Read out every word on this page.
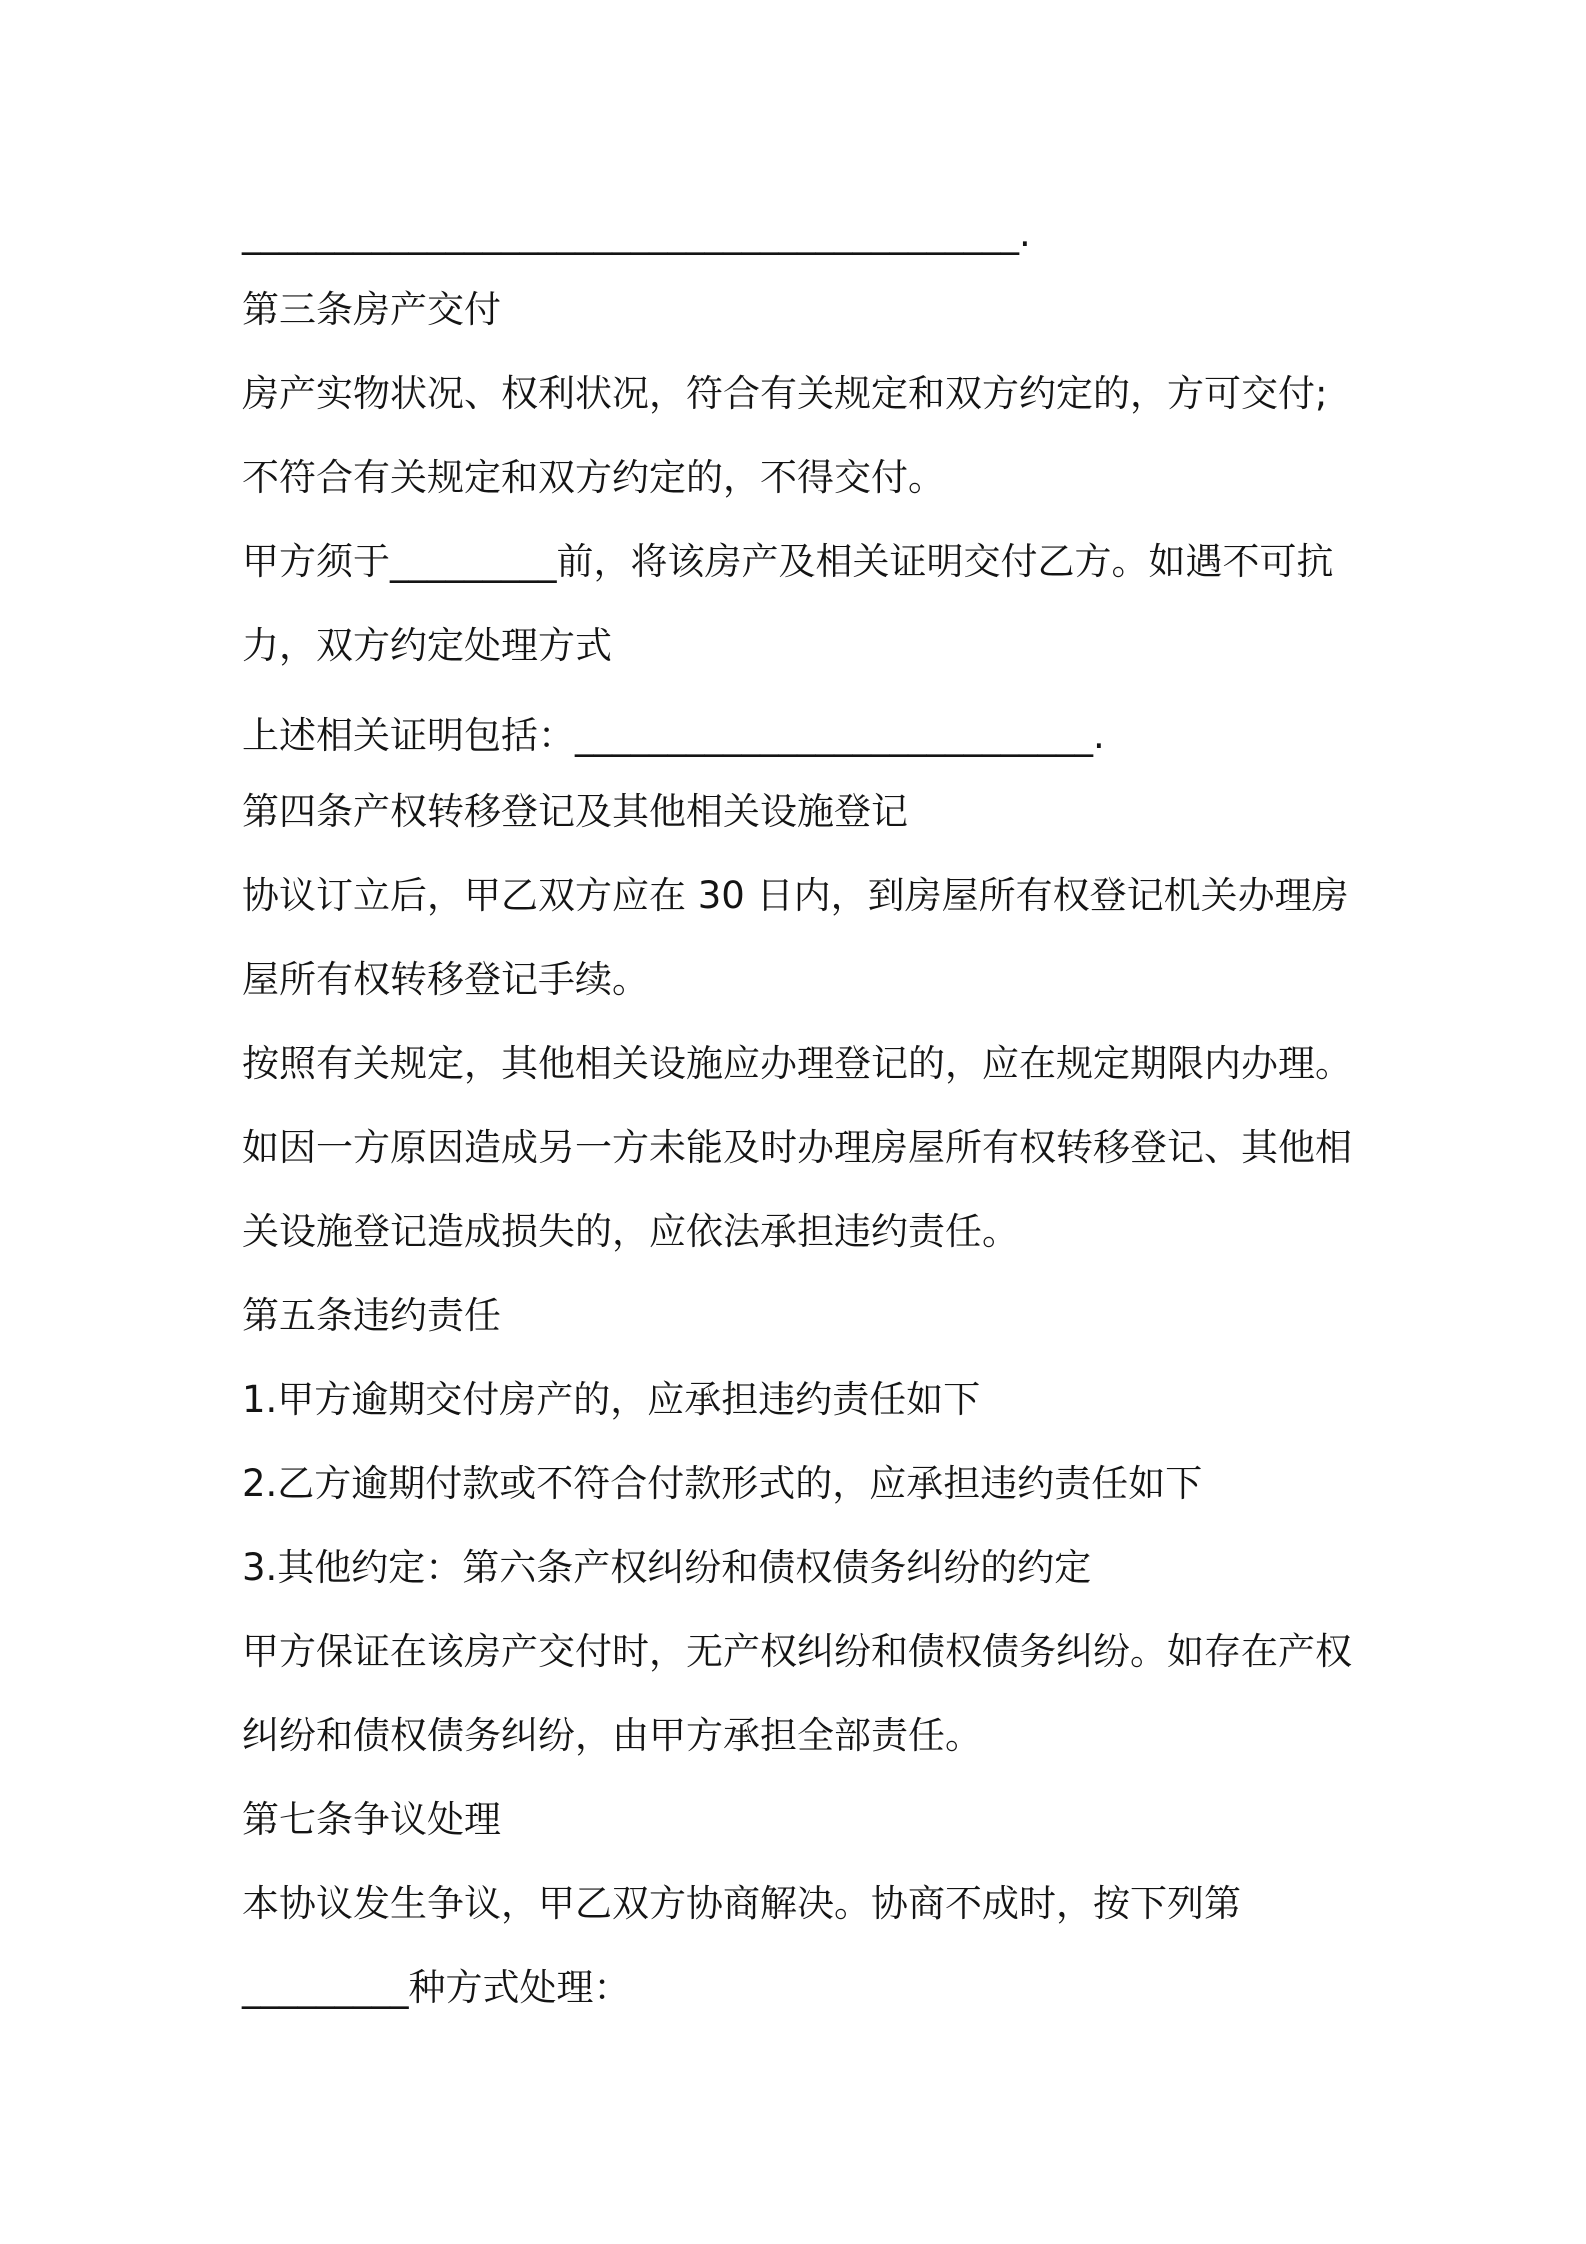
__________________________________________.
第三条房产交付
房产实物状况、权利状况，符合有关规定和双方约定的，方可交付;
不符合有关规定和双方约定的，不得交付。
甲方须于_________前，将该房产及相关证明交付乙方。如遇不可抗
力，双方约定处理方式
上述相关证明包括：____________________________.
第四条产权转移登记及其他相关设施登记
协议订立后，甲乙双方应在 30 日内，到房屋所有权登记机关办理房
屋所有权转移登记手续。
按照有关规定，其他相关设施应办理登记的，应在规定期限内办理。
如因一方原因造成另一方未能及时办理房屋所有权转移登记、其他相
关设施登记造成损失的，应依法承担违约责任。
第五条违约责任
1.甲方逾期交付房产的，应承担违约责任如下
2.乙方逾期付款或不符合付款形式的，应承担违约责任如下
3.其他约定：第六条产权纠纷和债权债务纠纷的约定
甲方保证在该房产交付时，无产权纠纷和债权债务纠纷。如存在产权
纠纷和债权债务纠纷，由甲方承担全部责任。
第七条争议处理
本协议发生争议，甲乙双方协商解决。协商不成时，按下列第
_________种方式处理：
